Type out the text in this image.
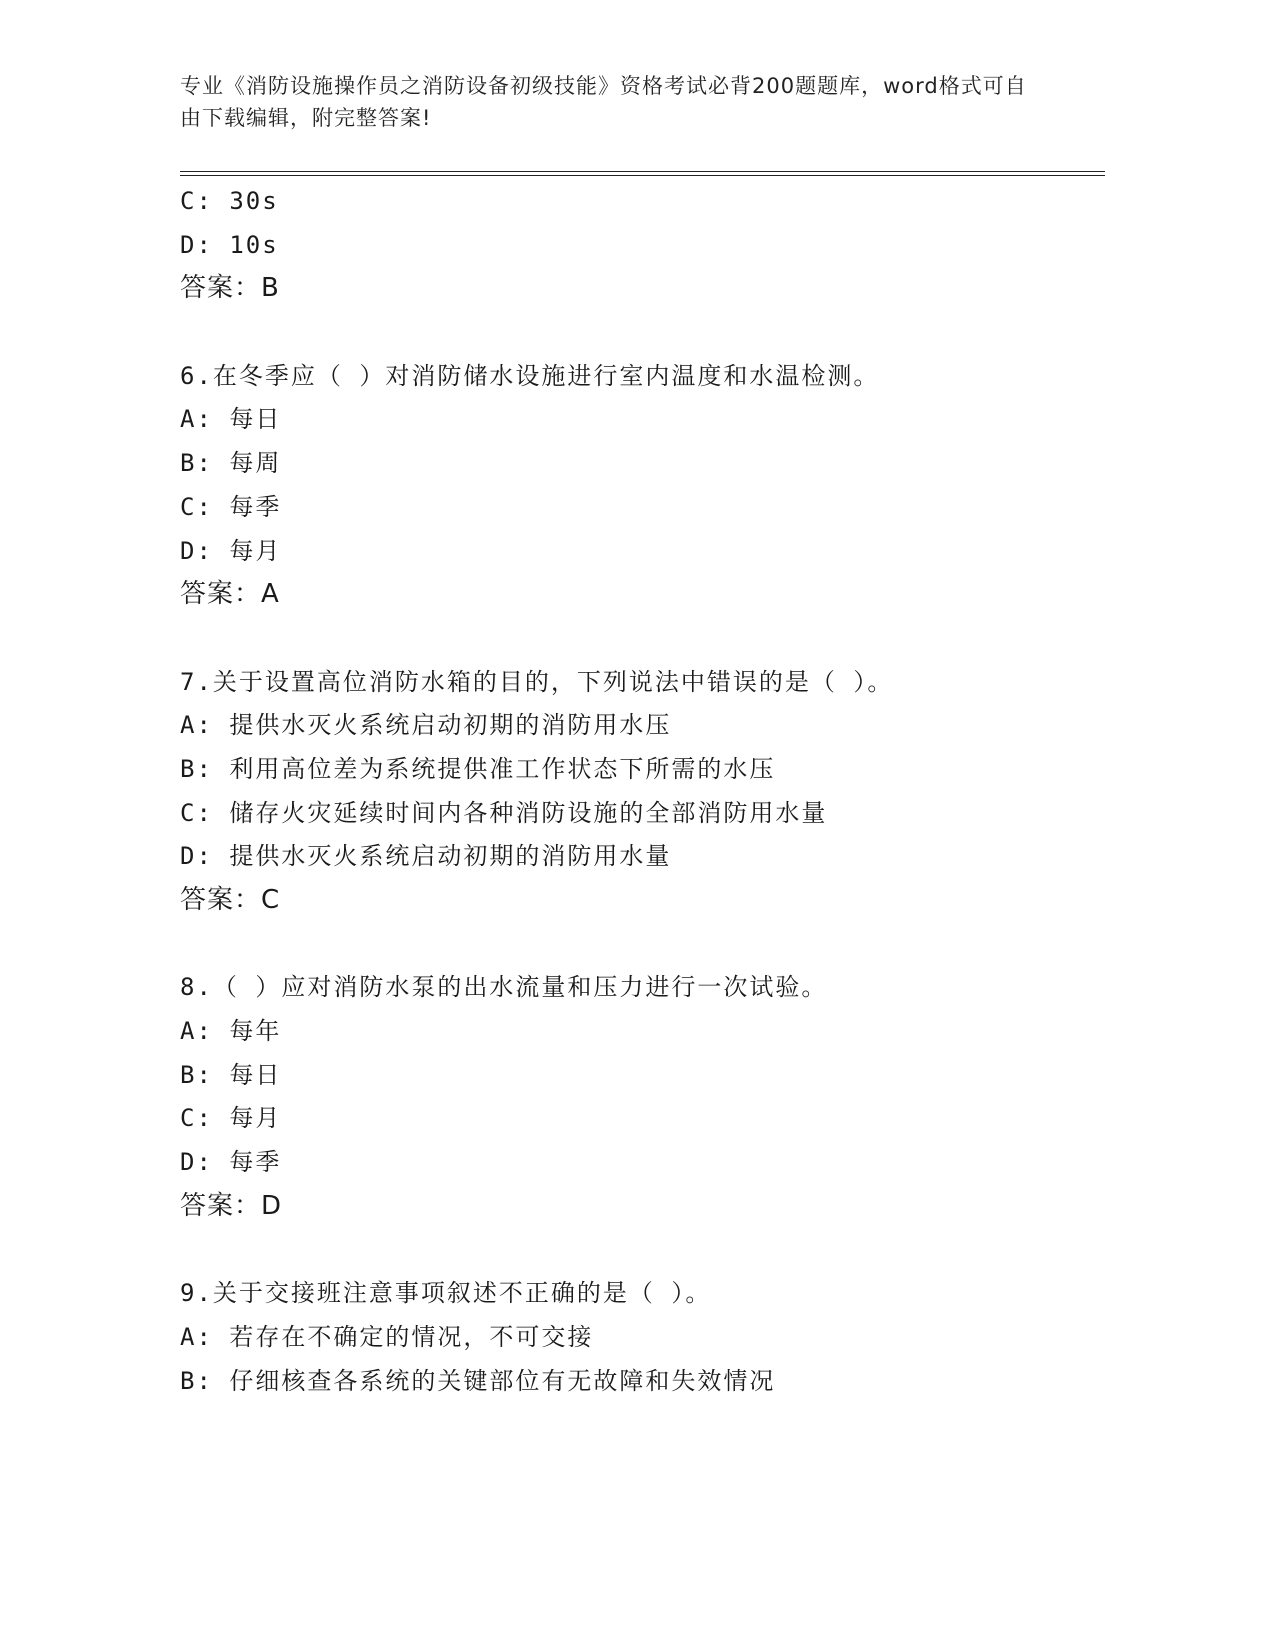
专业《消防设施操作员之消防设备初级技能》资格考试必背200题题库，word格式可自由下载编辑，附完整答案!
C: 30s
D: 10s
答案：B
6.在冬季应（ ）对消防储水设施进行室内温度和水温检测。
A: 每日
B: 每周
C: 每季
D: 每月
答案：A
7.关于设置高位消防水箱的目的，下列说法中错误的是（ ）。
A: 提供水灭火系统启动初期的消防用水压
B: 利用高位差为系统提供准工作状态下所需的水压
C: 储存火灾延续时间内各种消防设施的全部消防用水量
D: 提供水灭火系统启动初期的消防用水量
答案：C
8.（ ）应对消防水泵的出水流量和压力进行一次试验。
A: 每年
B: 每日
C: 每月
D: 每季
答案：D
9.关于交接班注意事项叙述不正确的是（ ）。
A: 若存在不确定的情况，不可交接
B: 仔细核查各系统的关键部位有无故障和失效情况
